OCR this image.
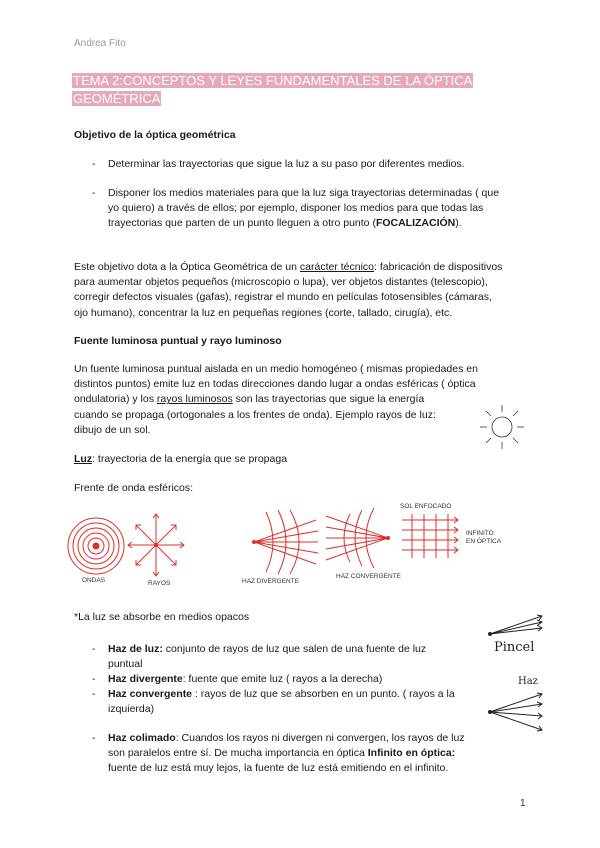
Andrea Fito
TEMA 2:CONCEPTOS Y LEYES FUNDAMENTALES DE LA ÓPTICA
GEOMÉTRICA
Objetivo de la óptica geométrica
- Determinar las trayectorias que sigue la luz a su paso por diferentes medios.
- Disponer los medios materiales para que la luz siga trayectorias determinadas ( que
yo quiero) a través de ellos; por ejemplo, disponer los medios para que todas las
trayectorias que parten de un punto lleguen a otro punto (FOCALIZACIÓN).
Este objetivo dota a la Óptica Geométrica de un carácter técnico: fabricación de dispositivos
para aumentar objetos pequeños (microscopio o lupa), ver objetos distantes (telescopio),
corregir defectos visuales (gafas), registrar el mundo en películas fotosensibles (cámaras,
ojo humano), concentrar la luz en pequeñas regiones (corte, tallado, cirugía), etc.
Fuente luminosa puntual y rayo luminoso
Un fuente luminosa puntual aislada en un medio homogéneo ( mismas propiedades en
distintos puntos) emite luz en todas direcciones dando lugar a ondas esféricas ( óptica
ondulatoria) y los rayos luminosos son las trayectorias que sigue la energía
cuando se propaga (ortogonales a los frentes de onda). Ejemplo rayos de luz:
dibujo de un sol.
Luz: trayectoria de la energía que se propaga
Frente de onda esféricos:
ONDAS	RAYOS	HAZ DIVERGENTE
HAZ CONVERGENTE
SOL ENFOCADO
INFINITO
EN ÓPTICA
*La luz se absorbe en medios opacos
Pincel
Haz
- Haz de luz: conjunto de rayos de luz que salen de una fuente de luz
puntual
- Haz divergente: fuente que emite luz ( rayos a la derecha)
- Haz convergente : rayos de luz que se absorben en un punto. ( rayos a la
izquierda)
- Haz colimado: Cuandos los rayos ni divergen ni convergen, los rayos de luz
son paralelos entre sí. De mucha importancia en óptica Infinito en óptica:
fuente de luz está muy lejos, la fuente de luz está emitiendo en el infinito.
1
